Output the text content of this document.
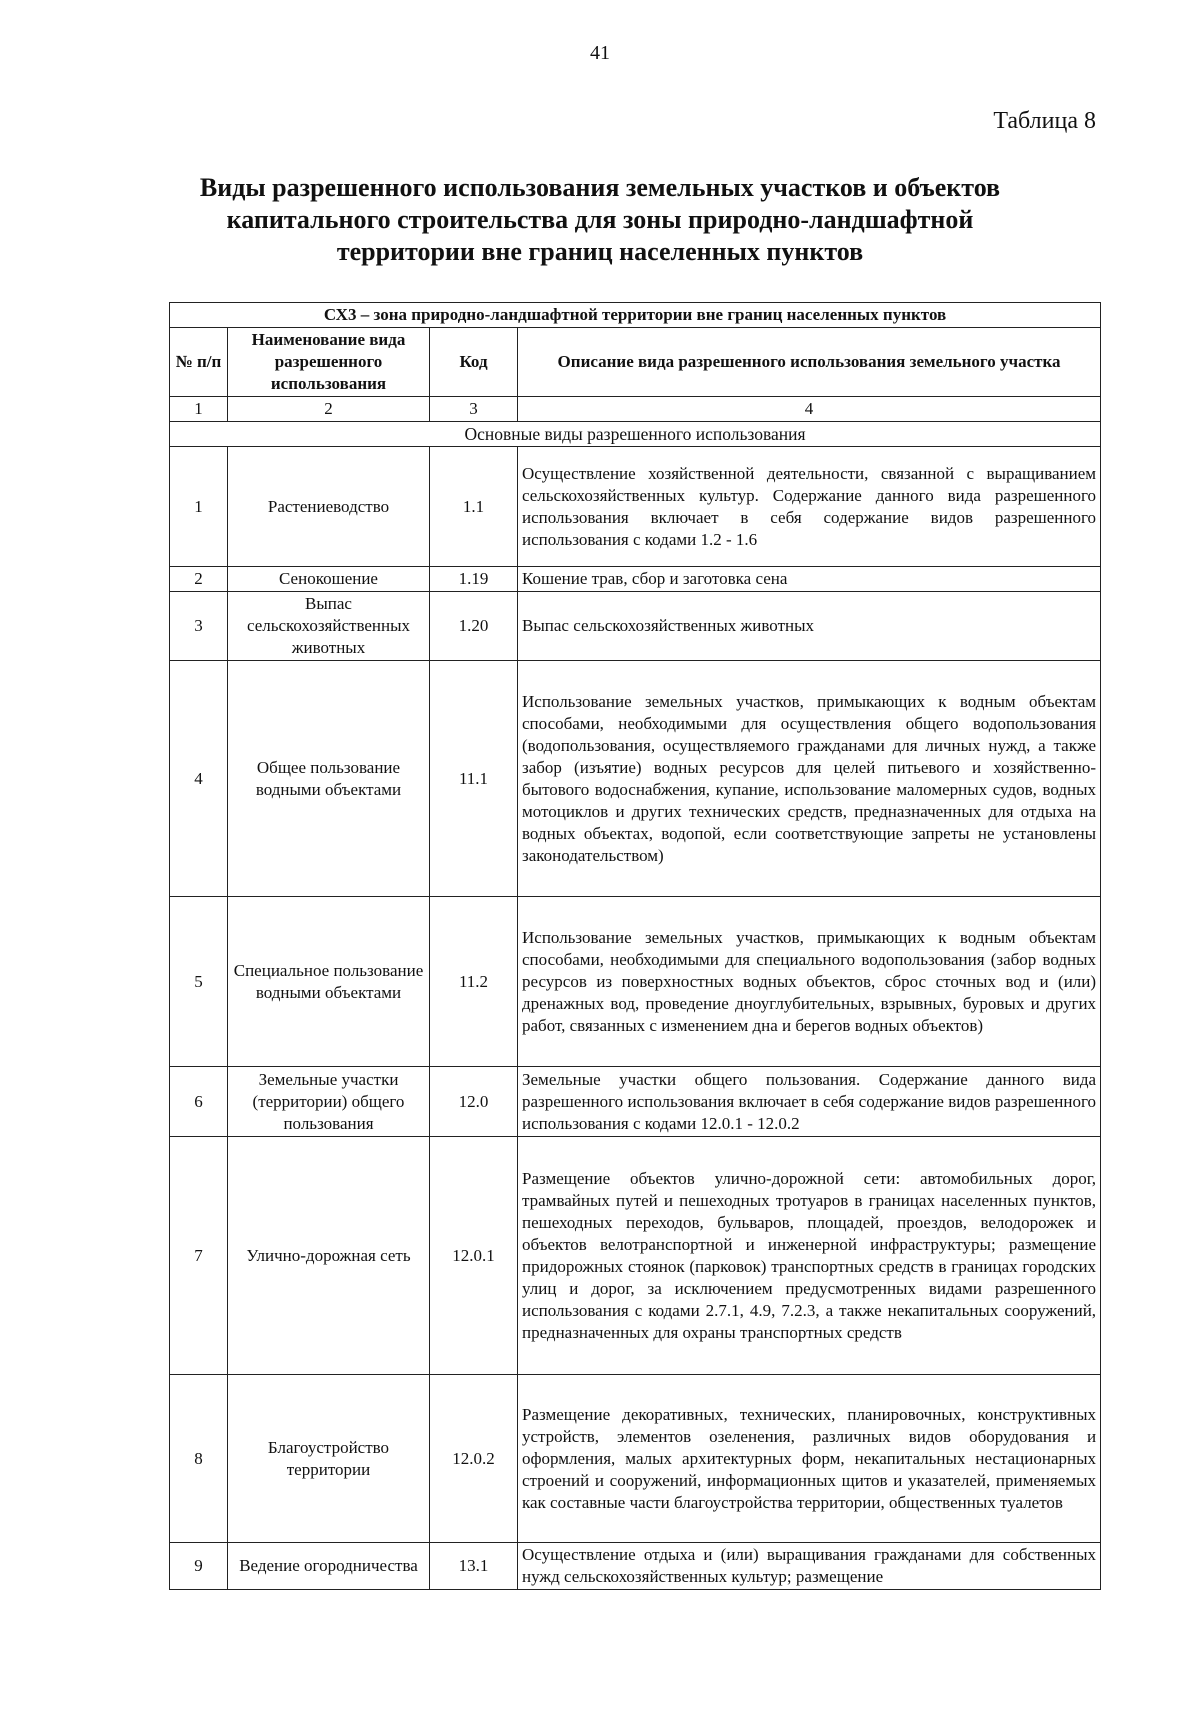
41
Таблица 8
Виды разрешенного использования земельных участков и объектов
капитального строительства для зоны природно-ландшафтной
территории вне границ населенных пунктов
СХ3 – зона природно-ландшафтной территории вне границ населенных пунктов			
№ п/п	Наименование вида разрешенного использования	Код	Описание вида разрешенного использования земельного участка
1	2	3	4
Основные виды разрешенного использования			
1	Растениеводство	1.1	Осуществление хозяйственной деятельности, связанной с выращиванием сельскохозяйственных культур. Содержание данного вида разрешенного использования включает в себя содержание видов разрешенного использования с кодами 1.2 - 1.6
2	Сенокошение	1.19	Кошение трав, сбор и заготовка сена
3	Выпас сельскохозяйственных животных	1.20	Выпас сельскохозяйственных животных
4	Общее пользование водными объектами	11.1	Использование земельных участков, примыкающих к водным объектам способами, необходимыми для осуществления общего водопользования (водопользования, осуществляемого гражданами для личных нужд, а также забор (изъятие) водных ресурсов для целей питьевого и хозяйственно-бытового водоснабжения, купание, использование маломерных судов, водных мотоциклов и других технических средств, предназначенных для отдыха на водных объектах, водопой, если соответствующие запреты не установлены законодательством)
5	Специальное пользование водными объектами	11.2	Использование земельных участков, примыкающих к водным объектам способами, необходимыми для специального водопользования (забор водных ресурсов из поверхностных водных объектов, сброс сточных вод и (или) дренажных вод, проведение дноуглубительных, взрывных, буровых и других работ, связанных с изменением дна и берегов водных объектов)
6	Земельные участки (территории) общего пользования	12.0	Земельные участки общего пользования. Содержание данного вида разрешенного использования включает в себя содержание видов разрешенного использования с кодами 12.0.1 - 12.0.2
7	Улично-дорожная сеть	12.0.1	Размещение объектов улично-дорожной сети: автомобильных дорог, трамвайных путей и пешеходных тротуаров в границах населенных пунктов, пешеходных переходов, бульваров, площадей, проездов, велодорожек и объектов велотранспортной и инженерной инфраструктуры; размещение придорожных стоянок (парковок) транспортных средств в границах городских улиц и дорог, за исключением предусмотренных видами разрешенного использования с кодами 2.7.1, 4.9, 7.2.3, а также некапитальных сооружений, предназначенных для охраны транспортных средств
8	Благоустройство территории	12.0.2	Размещение декоративных, технических, планировочных, конструктивных устройств, элементов озеленения, различных видов оборудования и оформления, малых архитектурных форм, некапитальных нестационарных строений и сооружений, информационных щитов и указателей, применяемых как составные части благоустройства территории, общественных туалетов
9	Ведение огородничества	13.1	Осуществление отдыха и (или) выращивания гражданами для собственных нужд сельскохозяйственных культур; размещение
